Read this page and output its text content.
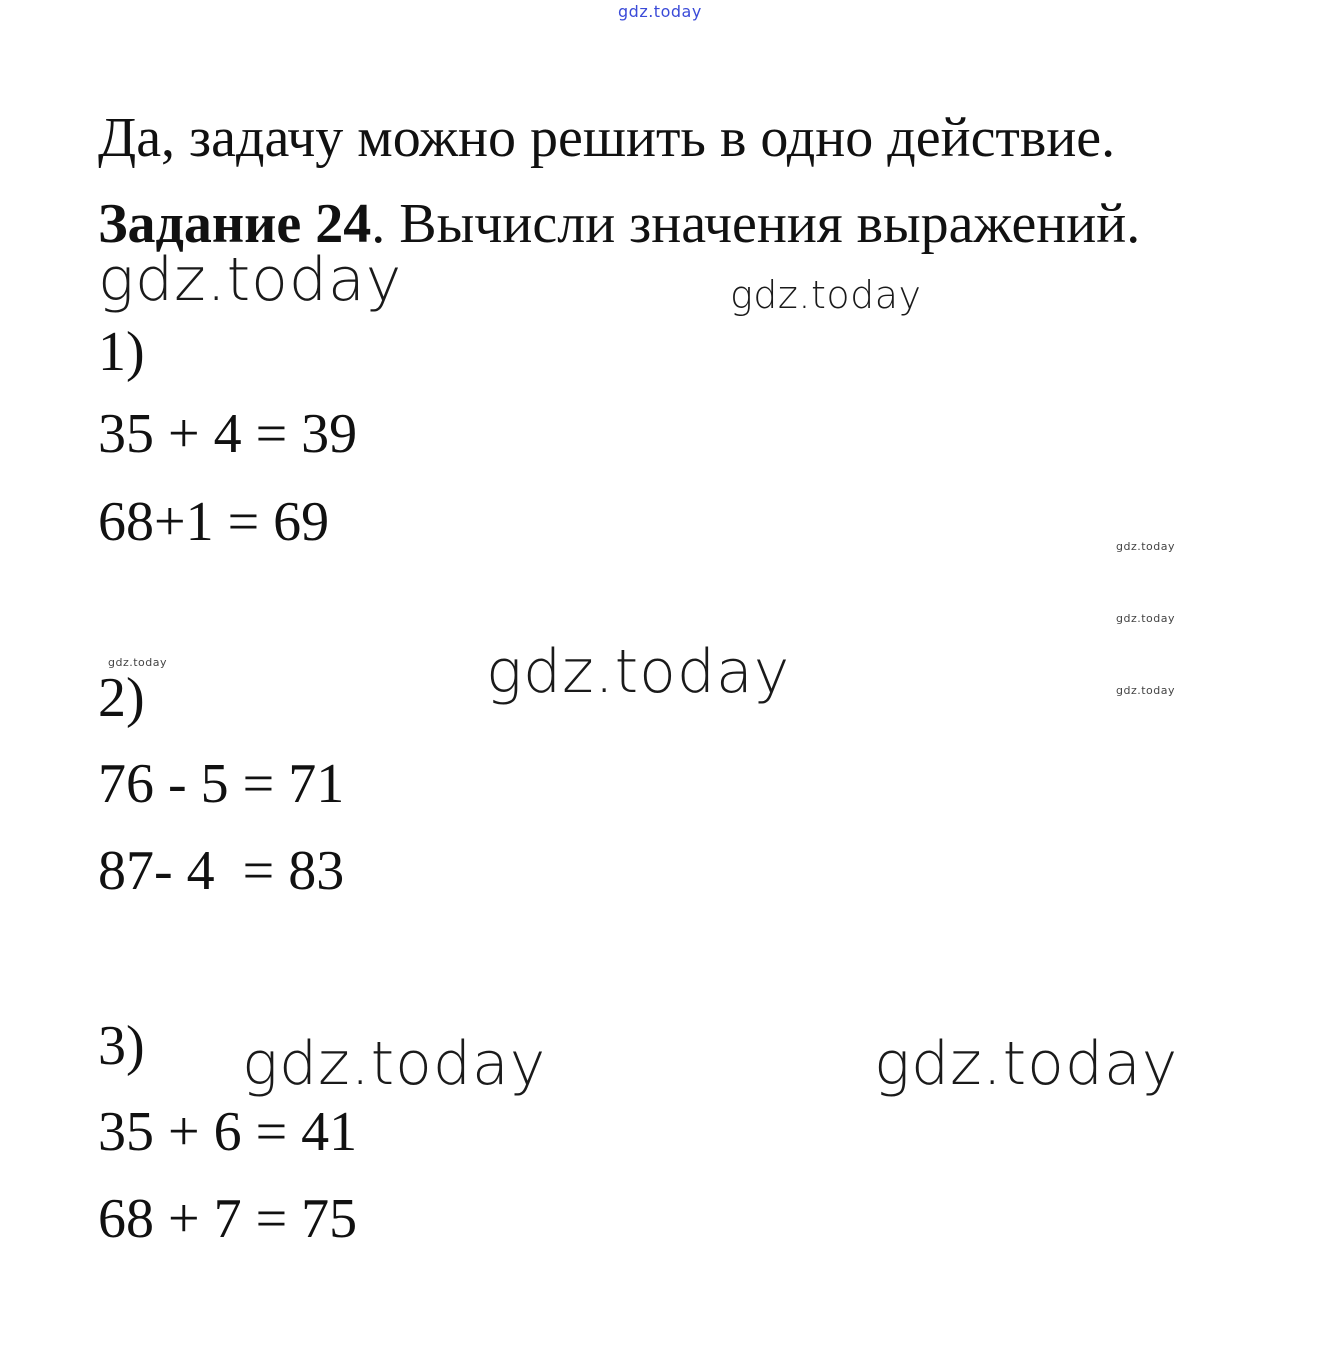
gdz.today
gdz.today	gdz.today
gdz.today
gdz.today
gdz.today
gdz.today	gdz.today
gdz.today	gdz.today
Да, задачу можно решить в одно действие.
Задание 24. Вычисли значения выражений.
1)
35 + 4 = 39
68+1 = 69
2)
76 - 5 = 71
87- 4  = 83
3)
35 + 6 = 41
68 + 7 = 75
